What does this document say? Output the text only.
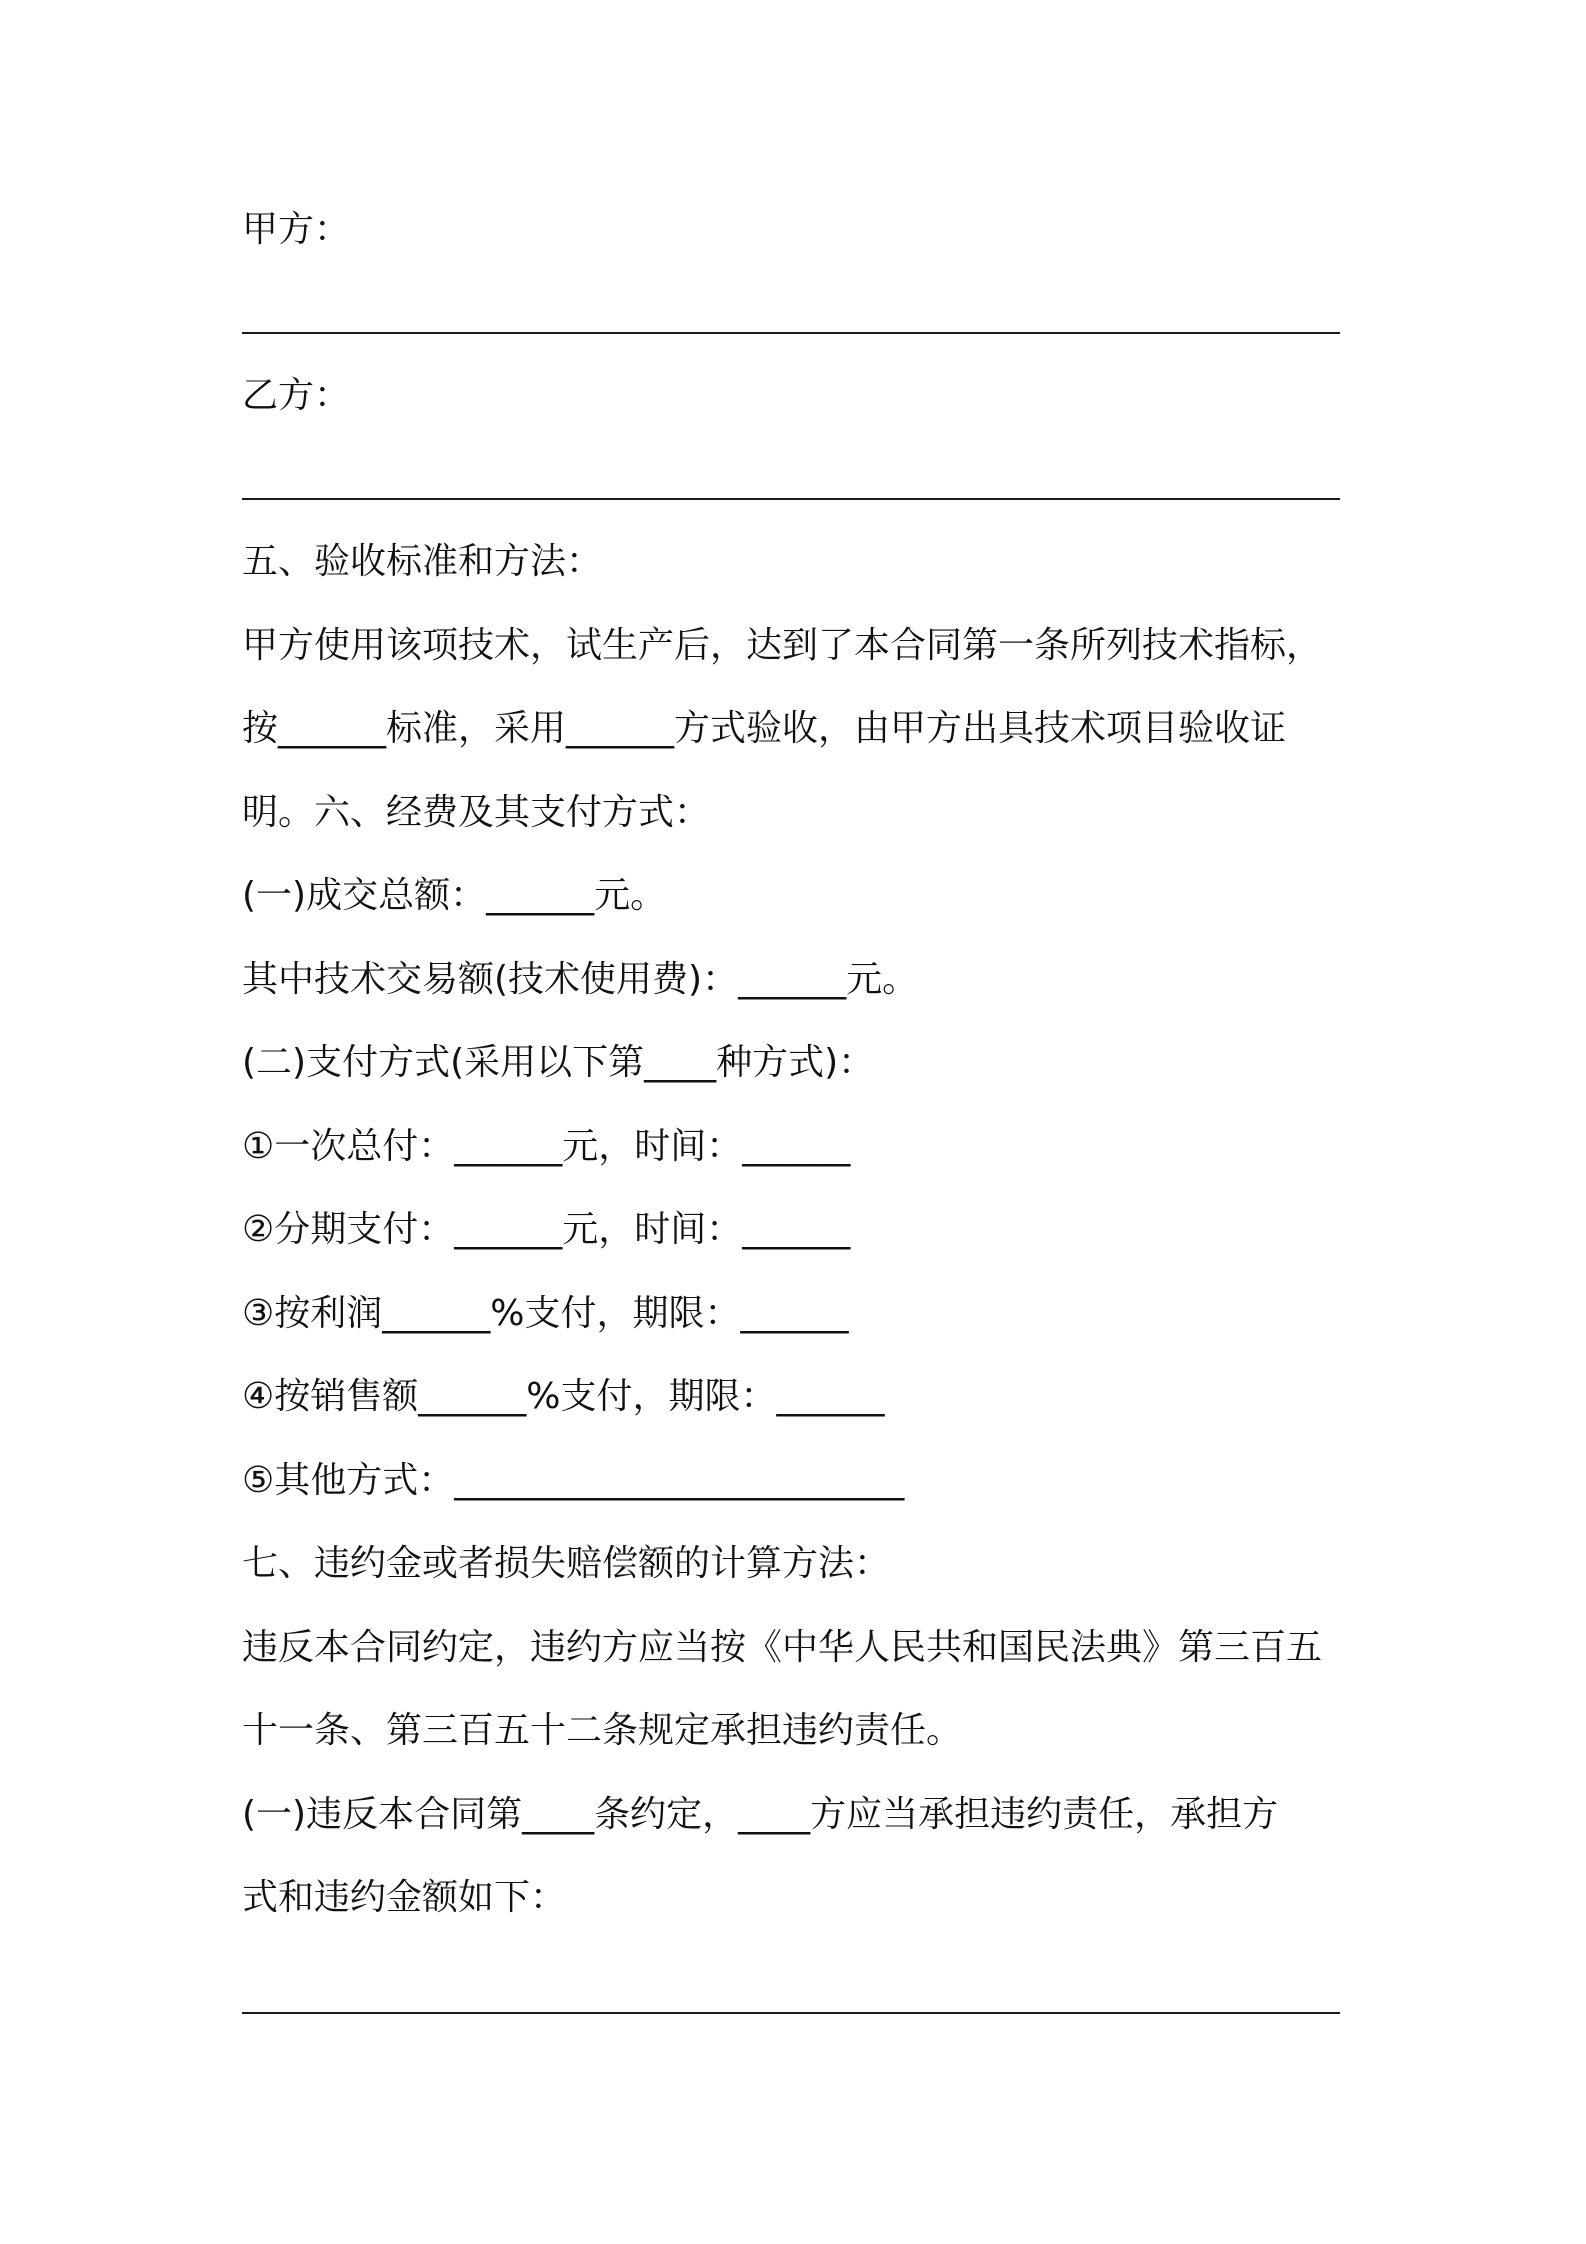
甲方：

乙方：

五、验收标准和方法：

甲方使用该项技术，试生产后，达到了本合同第一条所列技术指标，

按______标准，采用______方式验收，由甲方出具技术项目验收证

明。六、经费及其支付方式：

(一)成交总额：______元。

其中技术交易额(技术使用费)：______元。

(二)支付方式(采用以下第____种方式)：

①一次总付：______元，时间：______

②分期支付：______元，时间：______

③按利润______%支付，期限：______

④按销售额______%支付，期限：______

⑤其他方式：_________________________

七、违约金或者损失赔偿额的计算方法：

违反本合同约定，违约方应当按《中华人民共和国民法典》第三百五

十一条、第三百五十二条规定承担违约责任。

(一)违反本合同第____条约定，____方应当承担违约责任，承担方

式和违约金额如下：
